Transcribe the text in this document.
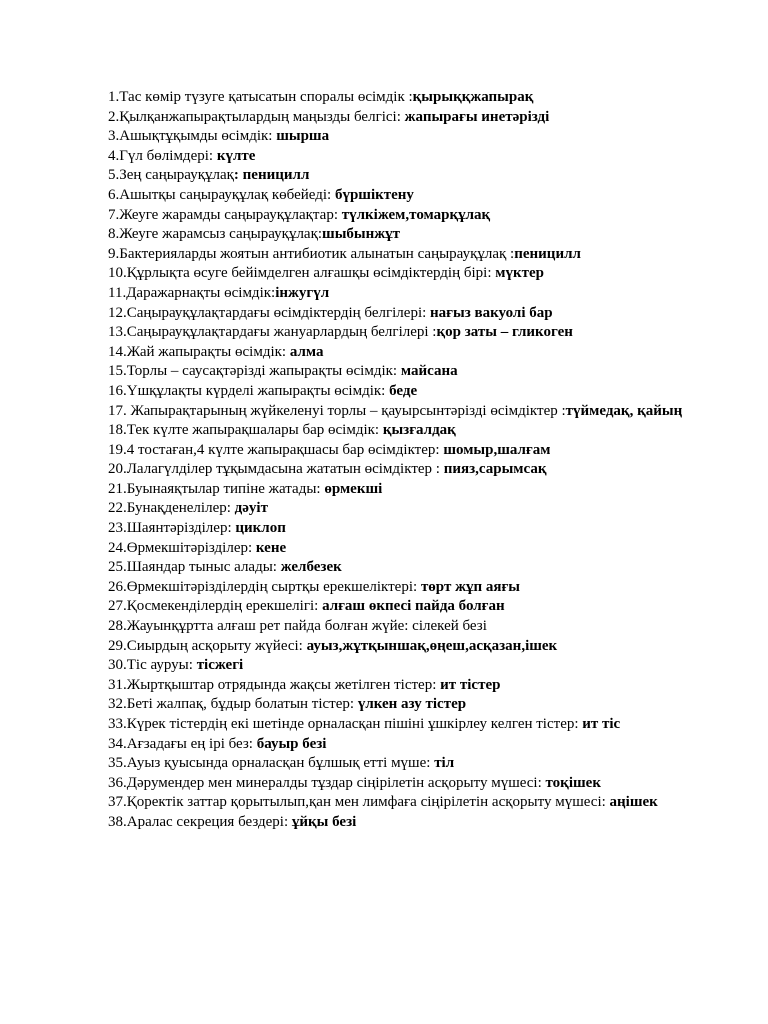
1.Тас көмір түзуге қатысатын споралы өсімдік :қырыққжапырақ
2.Қылқанжапырақтылардың маңызды белгісі: жапырағы инетәрізді
3.Ашықтұқымды өсімдік: шырша
4.Гүл бөлімдері: күлте
5.Зең саңырауқұлақ: пеницилл
6.Ашытқы саңырауқұлақ көбейеді: бүршіктену
7.Жеуге жарамды саңырауқұлақтар: түлкіжем,томарқұлақ
8.Жеуге жарамсыз саңырауқұлақ:шыбынжұт
9.Бактерияларды жоятын антибиотик алынатын саңырауқұлақ :пеницилл
10.Құрлықта өсуге бейімделген алғашқы өсімдіктердің бірі: мүктер
11.Даражарнақты өсімдік:інжугүл
12.Саңырауқұлақтардағы өсімдіктердің белгілері: нағыз вакуолі бар
13.Саңырауқұлақтардағы жануарлардың белгілері :қор заты – гликоген
14.Жай жапырақты өсімдік: алма
15.Торлы – саусақтәрізді жапырақты өсімдік: майсана
16.Үшқұлақты күрделі жапырақты өсімдік: беде
17. Жапырақтарының жүйкеленуі торлы – қауырсынтәрізді өсімдіктер :түймедақ, қайың
18.Тек күлте жапырақшалары бар өсімдік: қызғалдақ
19.4 тостаған,4 күлте жапырақшасы бар өсімдіктер: шомыр,шалғам
20.Лалагүлділер тұқымдасына жататын өсімдіктер : пияз,сарымсақ
21.Буынаяқтылар типіне жатады: өрмекші
22.Бунақденелілер: дәуіт
23.Шаянтәрізділер: циклоп
24.Өрмекшітәрізділер: кене
25.Шаяндар тыныс алады: желбезек
26.Өрмекшітәрізділердің сыртқы ерекшеліктері: төрт жұп аяғы
27.Қосмекенділердің ерекшелігі: алғаш өкпесі пайда болған
28.Жауынқұртта алғаш рет пайда болған жүйе: сілекей безі
29.Сиырдың асқорыту жүйесі: ауыз,жұтқыншақ,өңеш,асқазан,ішек
30.Тіс ауруы: тісжегі
31.Жыртқыштар отрядында жақсы жетілген тістер: ит тістер
32.Беті жалпақ, бұдыр болатын тістер: үлкен азу тістер
33.Күрек тістердің екі шетінде орналасқан пішіні ұшкірлеу келген тістер: ит тіс
34.Ағзадағы ең ірі без: бауыр безі
35.Ауыз қуысында орналасқан бұлшық етті мүше: тіл
36.Дәрумендер мен минералды тұздар сіңірілетін асқорыту мүшесі: тоқішек
37.Қоректік заттар қорытылып,қан мен лимфаға сіңірілетін асқорыту мүшесі: аңішек
38.Аралас секреция бездері: ұйқы безі
